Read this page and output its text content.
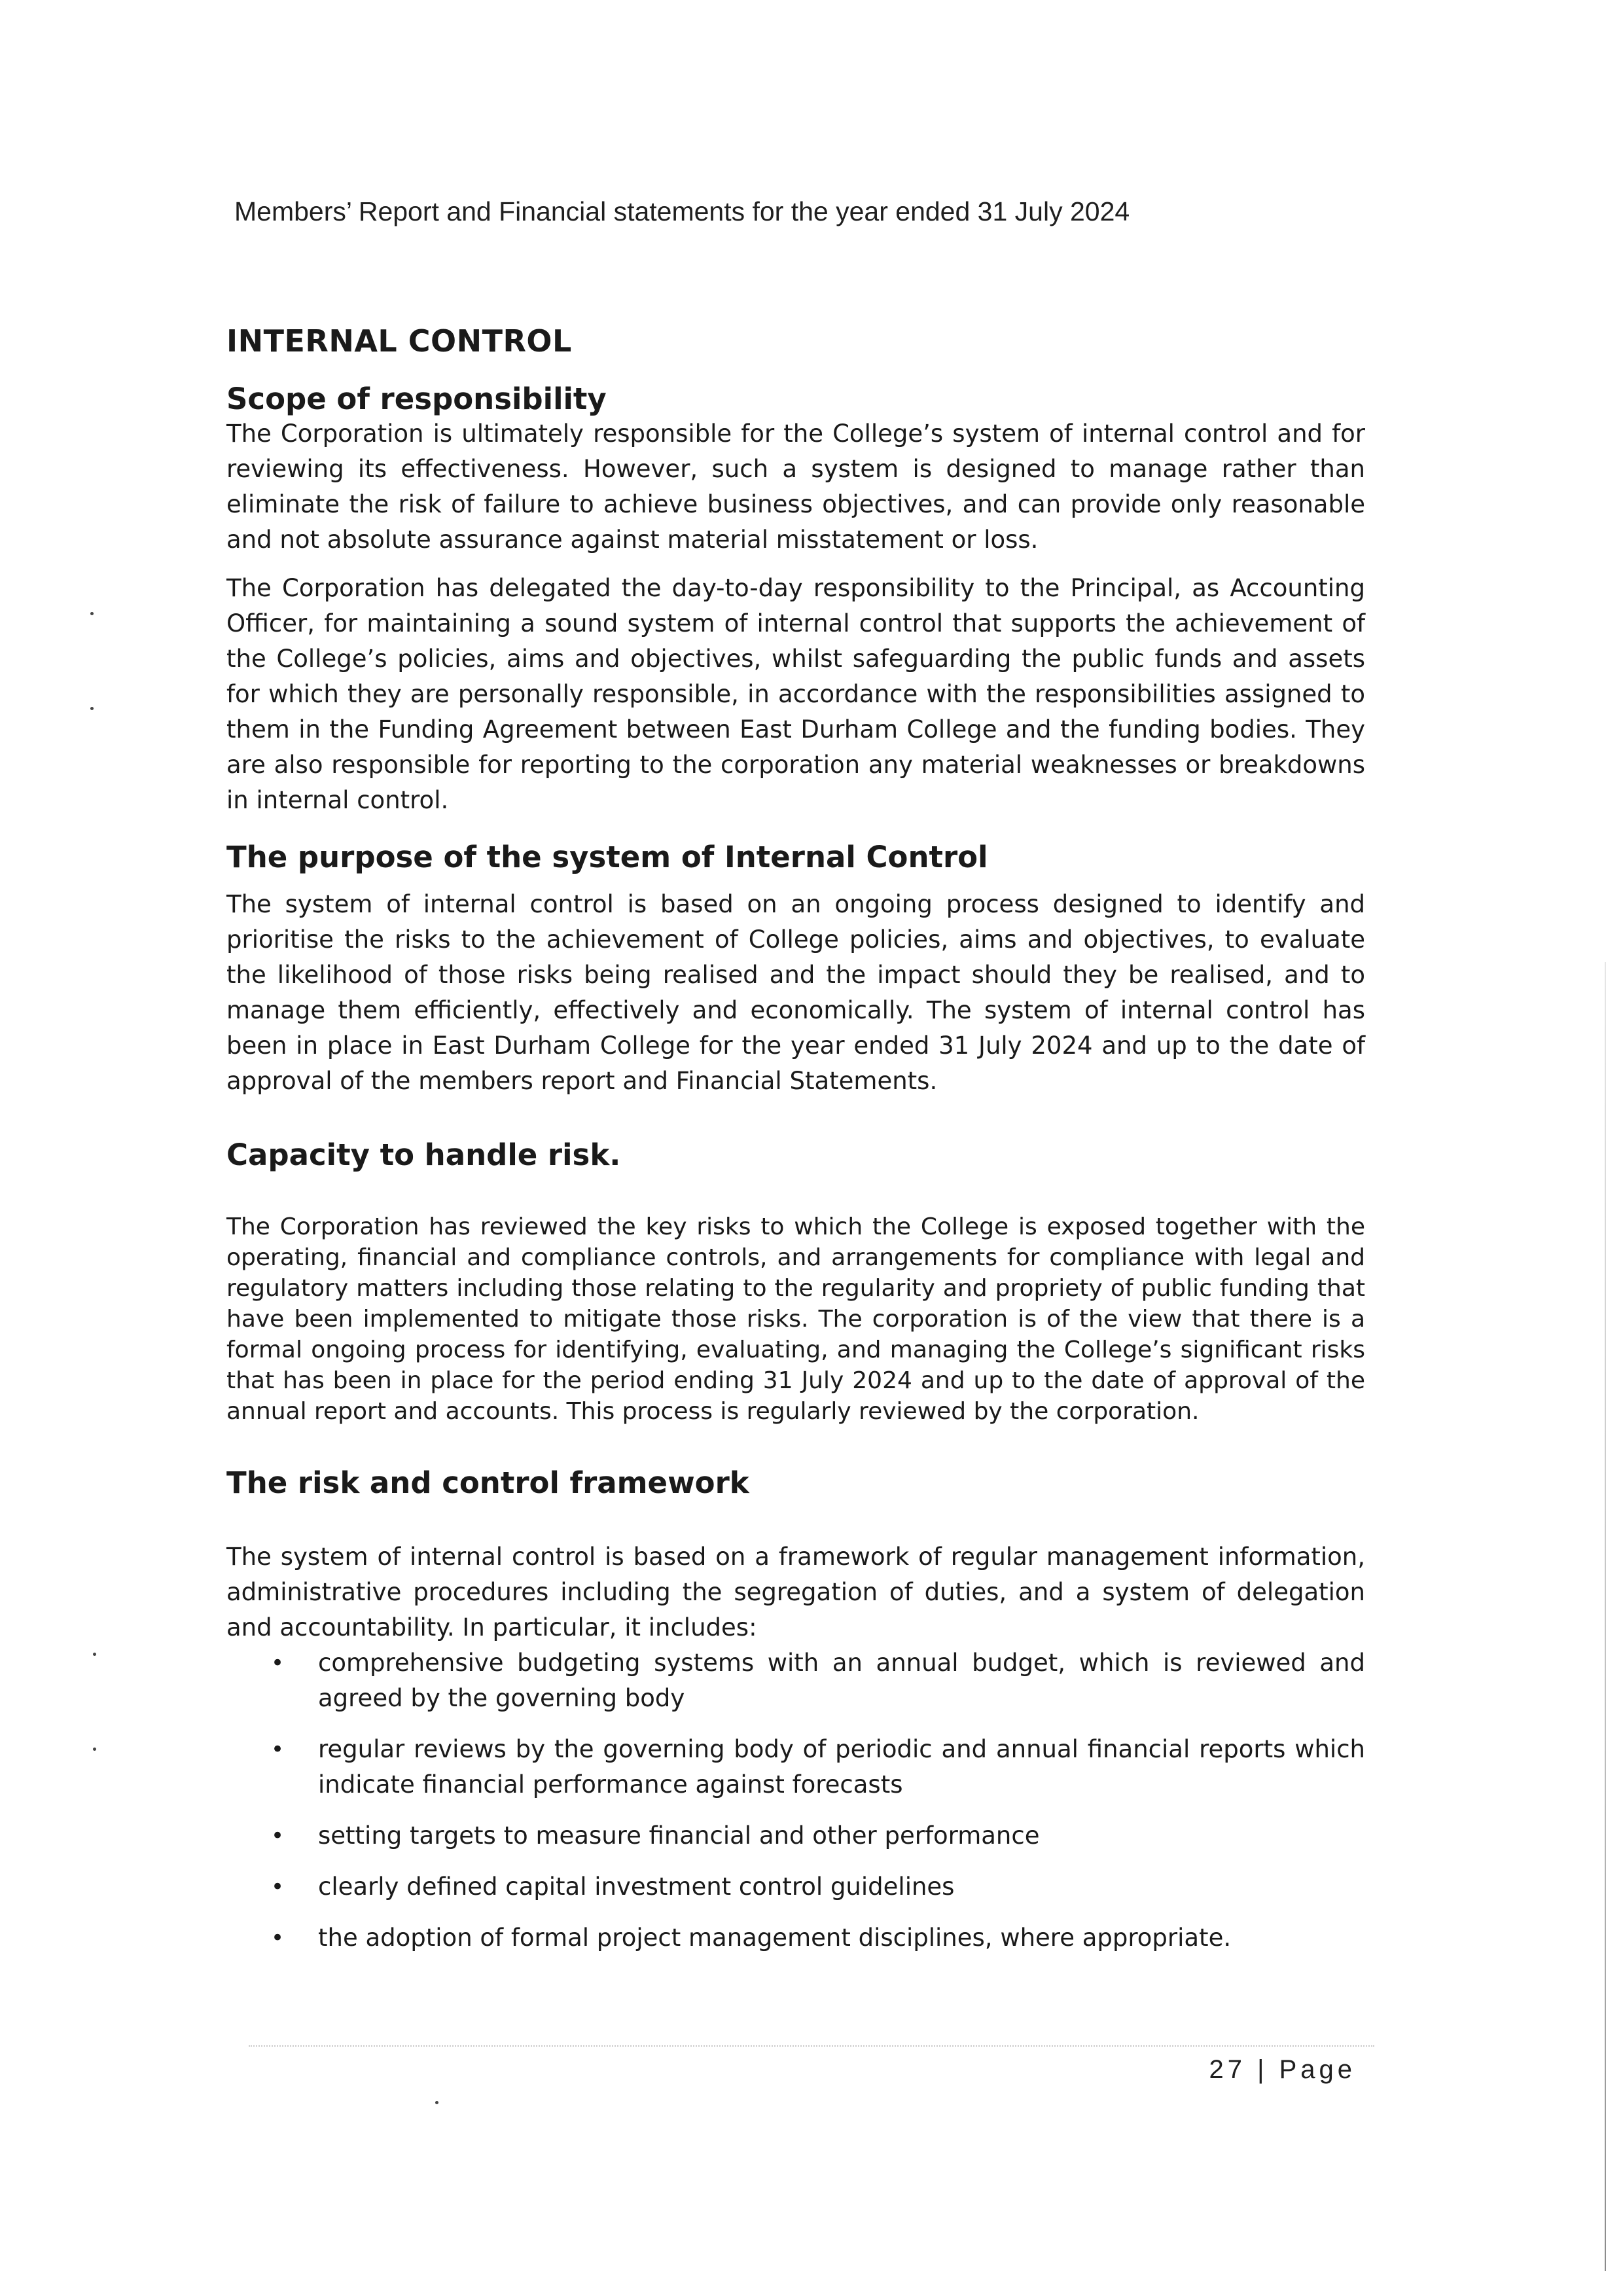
Members’ Report and Financial statements for the year ended 31 July 2024
INTERNAL CONTROL
Scope of responsibility

The Corporation is ultimately responsible for the College’s system of internal control and for reviewing its effectiveness. However, such a system is designed to manage rather than eliminate the risk of failure to achieve business objectives, and can provide only reasonable and not absolute assurance against material misstatement or loss.

The Corporation has delegated the day-to-day responsibility to the Principal, as Accounting Officer, for maintaining a sound system of internal control that supports the achievement of the College’s policies, aims and objectives, whilst safeguarding the public funds and assets for which they are personally responsible, in accordance with the responsibilities assigned to them in the Funding Agreement between East Durham College and the funding bodies. They are also responsible for reporting to the corporation any material weaknesses or breakdowns in internal control.

The purpose of the system of Internal Control

The system of internal control is based on an ongoing process designed to identify and prioritise the risks to the achievement of College policies, aims and objectives, to evaluate the likelihood of those risks being realised and the impact should they be realised, and to manage them efficiently, effectively and economically. The system of internal control has been in place in East Durham College for the year ended 31 July 2024 and up to the date of approval of the members report and Financial Statements.

Capacity to handle risk.

The Corporation has reviewed the key risks to which the College is exposed together with the operating, financial and compliance controls, and arrangements for compliance with legal and regulatory matters including those relating to the regularity and propriety of public funding that have been implemented to mitigate those risks. The corporation is of the view that there is a formal ongoing process for identifying, evaluating, and managing the College’s significant risks that has been in place for the period ending 31 July 2024 and up to the date of approval of the annual report and accounts. This process is regularly reviewed by the corporation.

The risk and control framework

The system of internal control is based on a framework of regular management information, administrative procedures including the segregation of duties, and a system of delegation and accountability. In particular, it includes:

• comprehensive budgeting systems with an annual budget, which is reviewed and agreed by the governing body
• regular reviews by the governing body of periodic and annual financial reports which indicate financial performance against forecasts
• setting targets to measure financial and other performance
• clearly defined capital investment control guidelines
• the adoption of formal project management disciplines, where appropriate.
27 | Page
